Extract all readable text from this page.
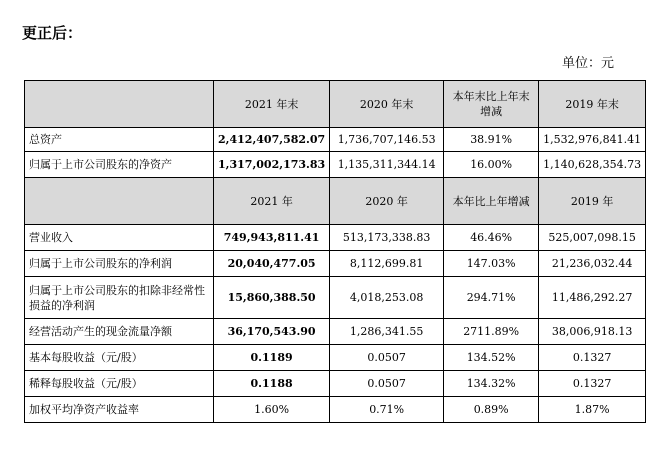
更正后：
单位：元
	2021 年末	2020 年末	本年末比上年末增减	2019 年末
总资产	2,412,407,582.07	1,736,707,146.53	38.91%	1,532,976,841.41
归属于上市公司股东的净资产	1,317,002,173.83	1,135,311,344.14	16.00%	1,140,628,354.73
	2021 年	2020 年	本年比上年增减	2019 年
营业收入	749,943,811.41	513,173,338.83	46.46%	525,007,098.15
归属于上市公司股东的净利润	20,040,477.05	8,112,699.81	147.03%	21,236,032.44
归属于上市公司股东的扣除非经常性损益的净利润	15,860,388.50	4,018,253.08	294.71%	11,486,292.27
经营活动产生的现金流量净额	36,170,543.90	1,286,341.55	2711.89%	38,006,918.13
基本每股收益（元/股）	0.1189	0.0507	134.52%	0.1327
稀释每股收益（元/股）	0.1188	0.0507	134.32%	0.1327
加权平均净资产收益率	1.60%	0.71%	0.89%	1.87%
